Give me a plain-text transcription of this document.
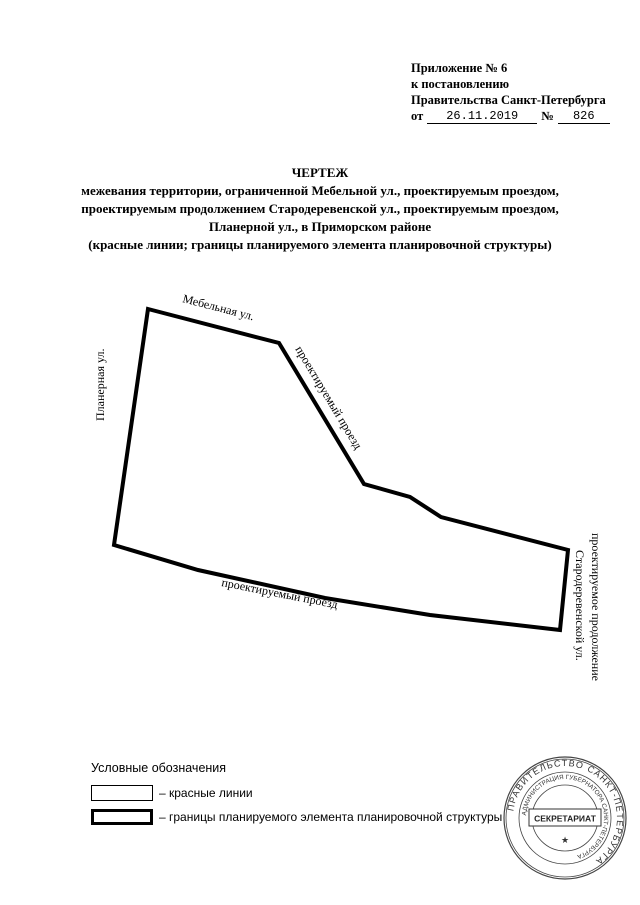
Приложение № 6
к постановлению
Правительства Санкт-Петербурга
от	26.11.2019	№	826
ЧЕРТЕЖ
межевания территории, ограниченной Мебельной ул., проектируемым проездом,
проектируемым продолжением Стародеревенской ул., проектируемым проездом,
Планерной ул., в Приморском районе
(красные линии; границы планируемого элемента планировочной структуры)
Мебельная ул.
Планерная ул.	проектируемый проезд
проектируемый проезд	проектируемое продолжение
Стародеревенской ул.
Условные обозначения
– красные линии
– границы планируемого элемента планировочной структуры
ПРАВИТЕЛЬСТВО САНКТ-ПЕТЕРБУРГА
АДМИНИСТРАЦИЯ ГУБЕРНАТОРА САНКТ-ПЕТЕРБУРГА
СЕКРЕТАРИАТ
★
